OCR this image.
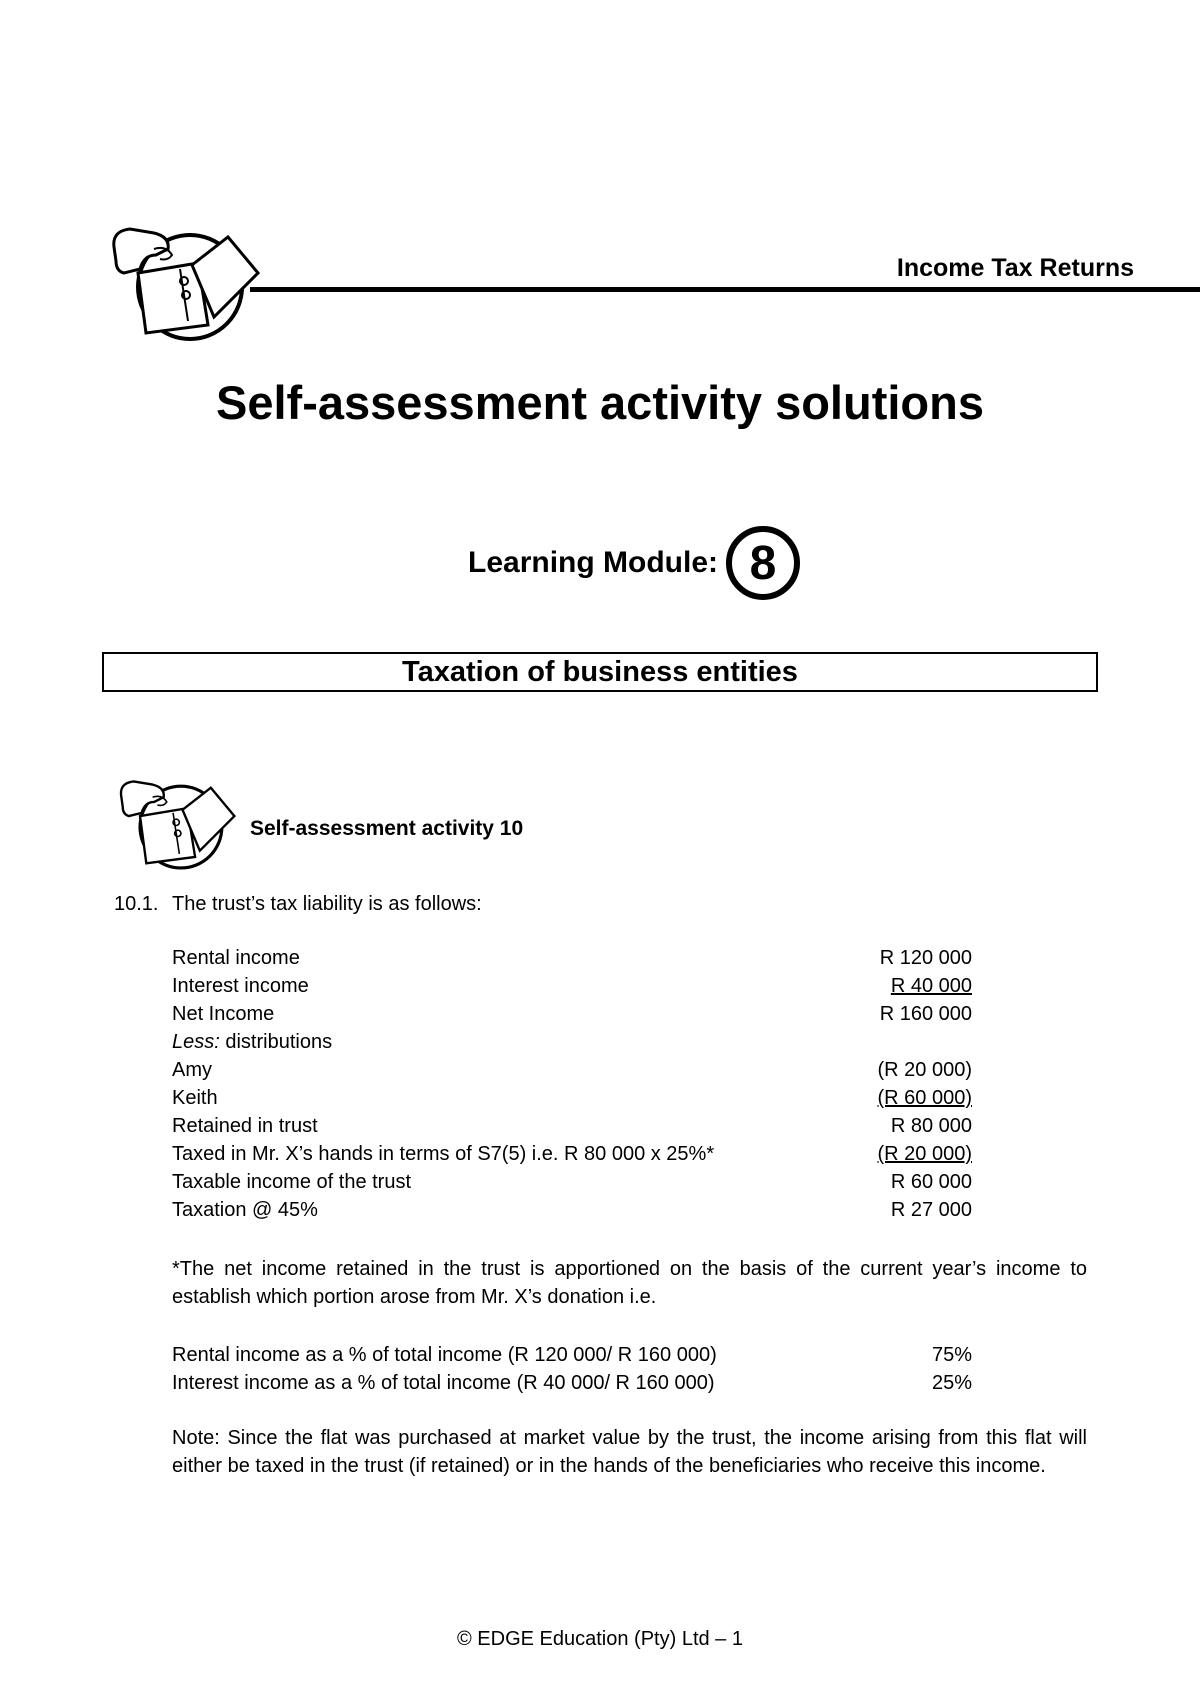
Income Tax Returns
Self-assessment activity solutions
Learning Module: 8
Taxation of business entities
Self-assessment activity 10
10.1. The trust’s tax liability is as follows:
Rental income	R 120 000
Interest income	R 40 000
Net Income	R 160 000
Less: distributions
Amy	(R 20 000)
Keith	(R 60 000)
Retained in trust	R 80 000
Taxed in Mr. X’s hands in terms of S7(5) i.e. R 80 000 x 25%*	(R 20 000)
Taxable income of the trust	R 60 000
Taxation @ 45%	R 27 000
*The net income retained in the trust is apportioned on the basis of the current year’s income to establish which portion arose from Mr. X’s donation i.e.
Rental income as a % of total income (R 120 000/ R 160 000)	75%
Interest income as a % of total income (R 40 000/ R 160 000)	25%
Note: Since the flat was purchased at market value by the trust, the income arising from this flat will either be taxed in the trust (if retained) or in the hands of the beneficiaries who receive this income.
© EDGE Education (Pty) Ltd – 1
